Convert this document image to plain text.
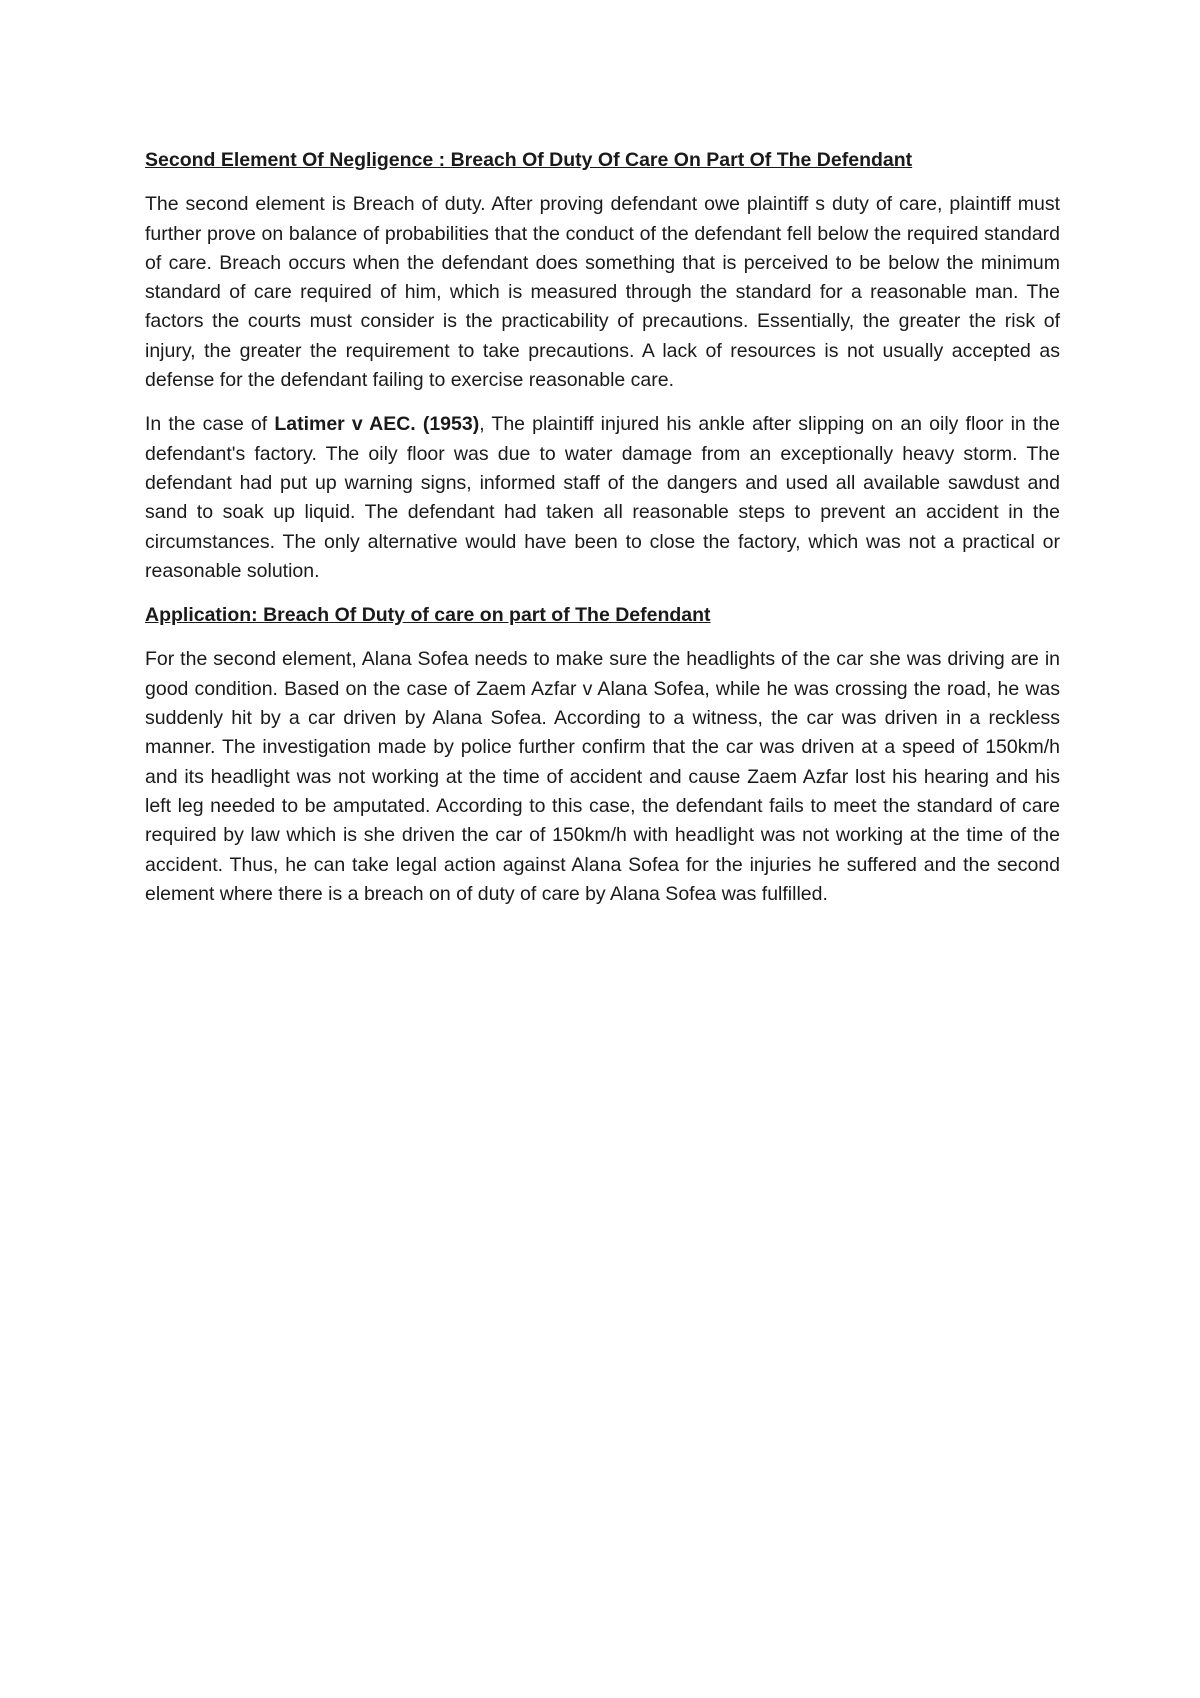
Second Element Of Negligence : Breach Of Duty Of Care On Part Of The Defendant

The second element is Breach of duty. After proving defendant owe plaintiff s duty of care, plaintiff must further prove on balance of probabilities that the conduct of the defendant fell below the required standard of care. Breach occurs when the defendant does something that is perceived to be below the minimum standard of care required of him, which is measured through the standard for a reasonable man. The factors the courts must consider is the practicability of precautions. Essentially, the greater the risk of injury, the greater the requirement to take precautions. A lack of resources is not usually accepted as defense for the defendant failing to exercise reasonable care.

In the case of Latimer v AEC. (1953), The plaintiff injured his ankle after slipping on an oily floor in the defendant's factory. The oily floor was due to water damage from an exceptionally heavy storm. The defendant had put up warning signs, informed staff of the dangers and used all available sawdust and sand to soak up liquid. The defendant had taken all reasonable steps to prevent an accident in the circumstances. The only alternative would have been to close the factory, which was not a practical or reasonable solution.

Application: Breach Of Duty of care on part of The Defendant

For the second element, Alana Sofea needs to make sure the headlights of the car she was driving are in good condition. Based on the case of Zaem Azfar v Alana Sofea, while he was crossing the road, he was suddenly hit by a car driven by Alana Sofea. According to a witness, the car was driven in a reckless manner. The investigation made by police further confirm that the car was driven at a speed of 150km/h and its headlight was not working at the time of accident and cause Zaem Azfar lost his hearing and his left leg needed to be amputated. According to this case, the defendant fails to meet the standard of care required by law which is she driven the car of 150km/h with headlight was not working at the time of the accident. Thus, he can take legal action against Alana Sofea for the injuries he suffered and the second element where there is a breach on of duty of care by Alana Sofea was fulfilled.
